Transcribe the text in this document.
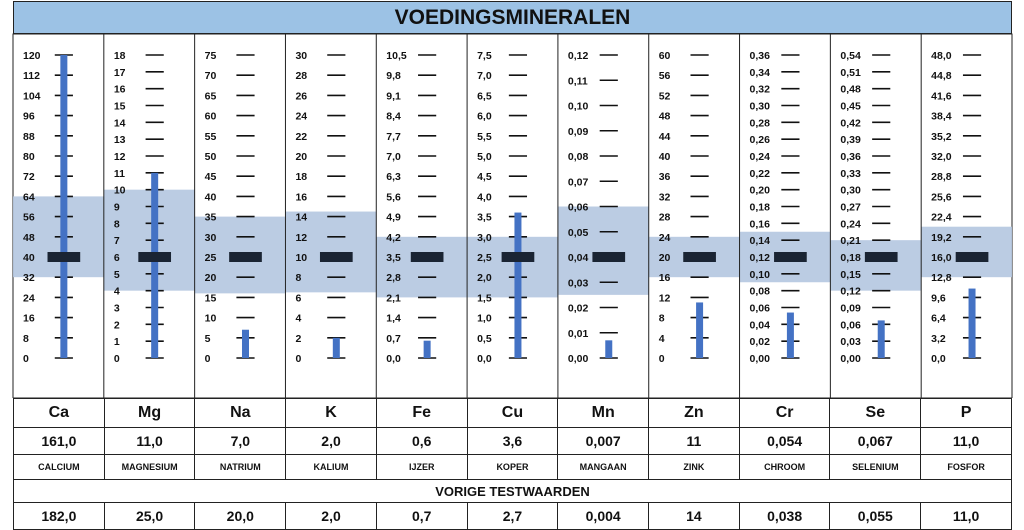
VOEDINGSMINERALEN
120
112
104
96
88
80
72
64
56
48
40
32
24
16
8
0
18
17
16
15
14
13
12
11
10
9
8
7
6
5
4
3
2
1
0
75
70
65
60
55
50
45
40
35
30
25
20
15
10
5
0
30
28
26
24
22
20
18
16
14
12
10
8
6
4
2
0
10,5
9,8
9,1
8,4
7,7
7,0
6,3
5,6
4,9
4,2
3,5
2,8
2,1
1,4
0,7
0,0
7,5
7,0
6,5
6,0
5,5
5,0
4,5
4,0
3,5
3,0
2,5
2,0
1,5
1,0
0,5
0,0
0,12
0,11
0,10
0,09
0,08
0,07
0,06
0,05
0,04
0,03
0,02
0,01
0,00
60
56
52
48
44
40
36
32
28
24
20
16
12
8
4
0
0,36
0,34
0,32
0,30
0,28
0,26
0,24
0,22
0,20
0,18
0,16
0,14
0,12
0,10
0,08
0,06
0,04
0,02
0,00
0,54
0,51
0,48
0,45
0,42
0,39
0,36
0,33
0,30
0,27
0,24
0,21
0,18
0,15
0,12
0,09
0,06
0,03
0,00
48,0
44,8
41,6
38,4
35,2
32,0
28,8
25,6
22,4
19,2
16,0
12,8
9,6
6,4
3,2
0,0
Ca	Mg	Na	K	Fe	Cu	Mn	Zn	Cr	Se	P
161,0	11,0	7,0	2,0	0,6	3,6	0,007	11	0,054	0,067	11,0
CALCIUM	MAGNESIUM	NATRIUM	KALIUM	IJZER	KOPER	MANGAAN	ZINK	CHROOM	SELENIUM	FOSFOR
VORIGE TESTWAARDEN										
182,0	25,0	20,0	2,0	0,7	2,7	0,004	14	0,038	0,055	11,0
